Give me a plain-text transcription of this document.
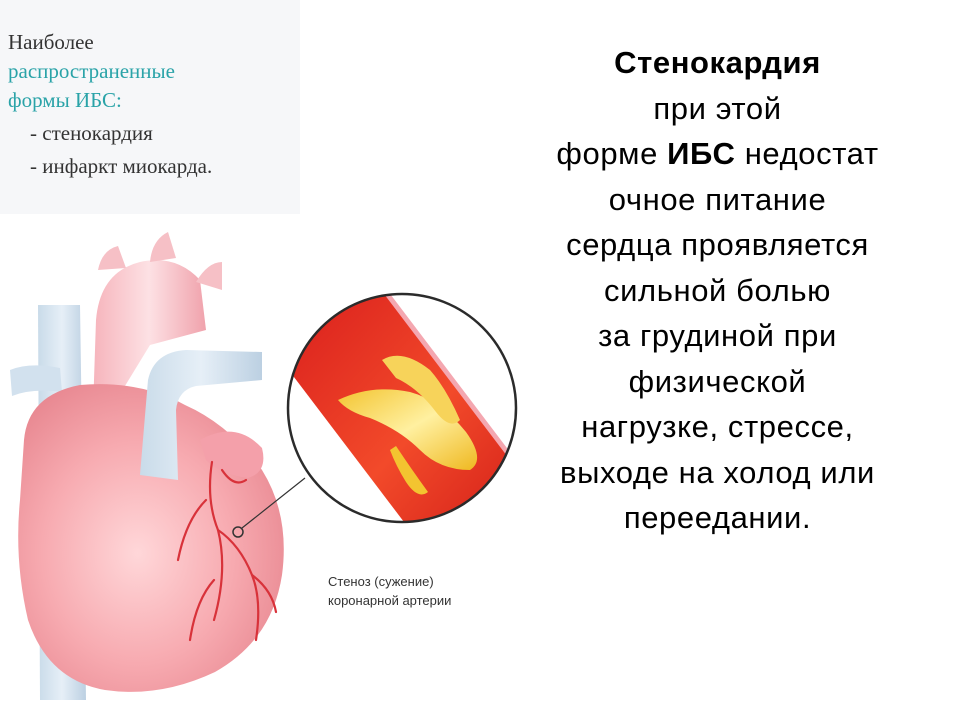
Наиболее
распространенные
формы ИБС:
- стенокардия
- инфаркт миокарда.
Стенокардия
при этой
форме ИБС недостат
очное питание
сердца проявляется
сильной болью
за грудиной при
физической
нагрузке, стрессе,
выходе на холод или
переедании.
Стеноз (сужение)
коронарной артерии
